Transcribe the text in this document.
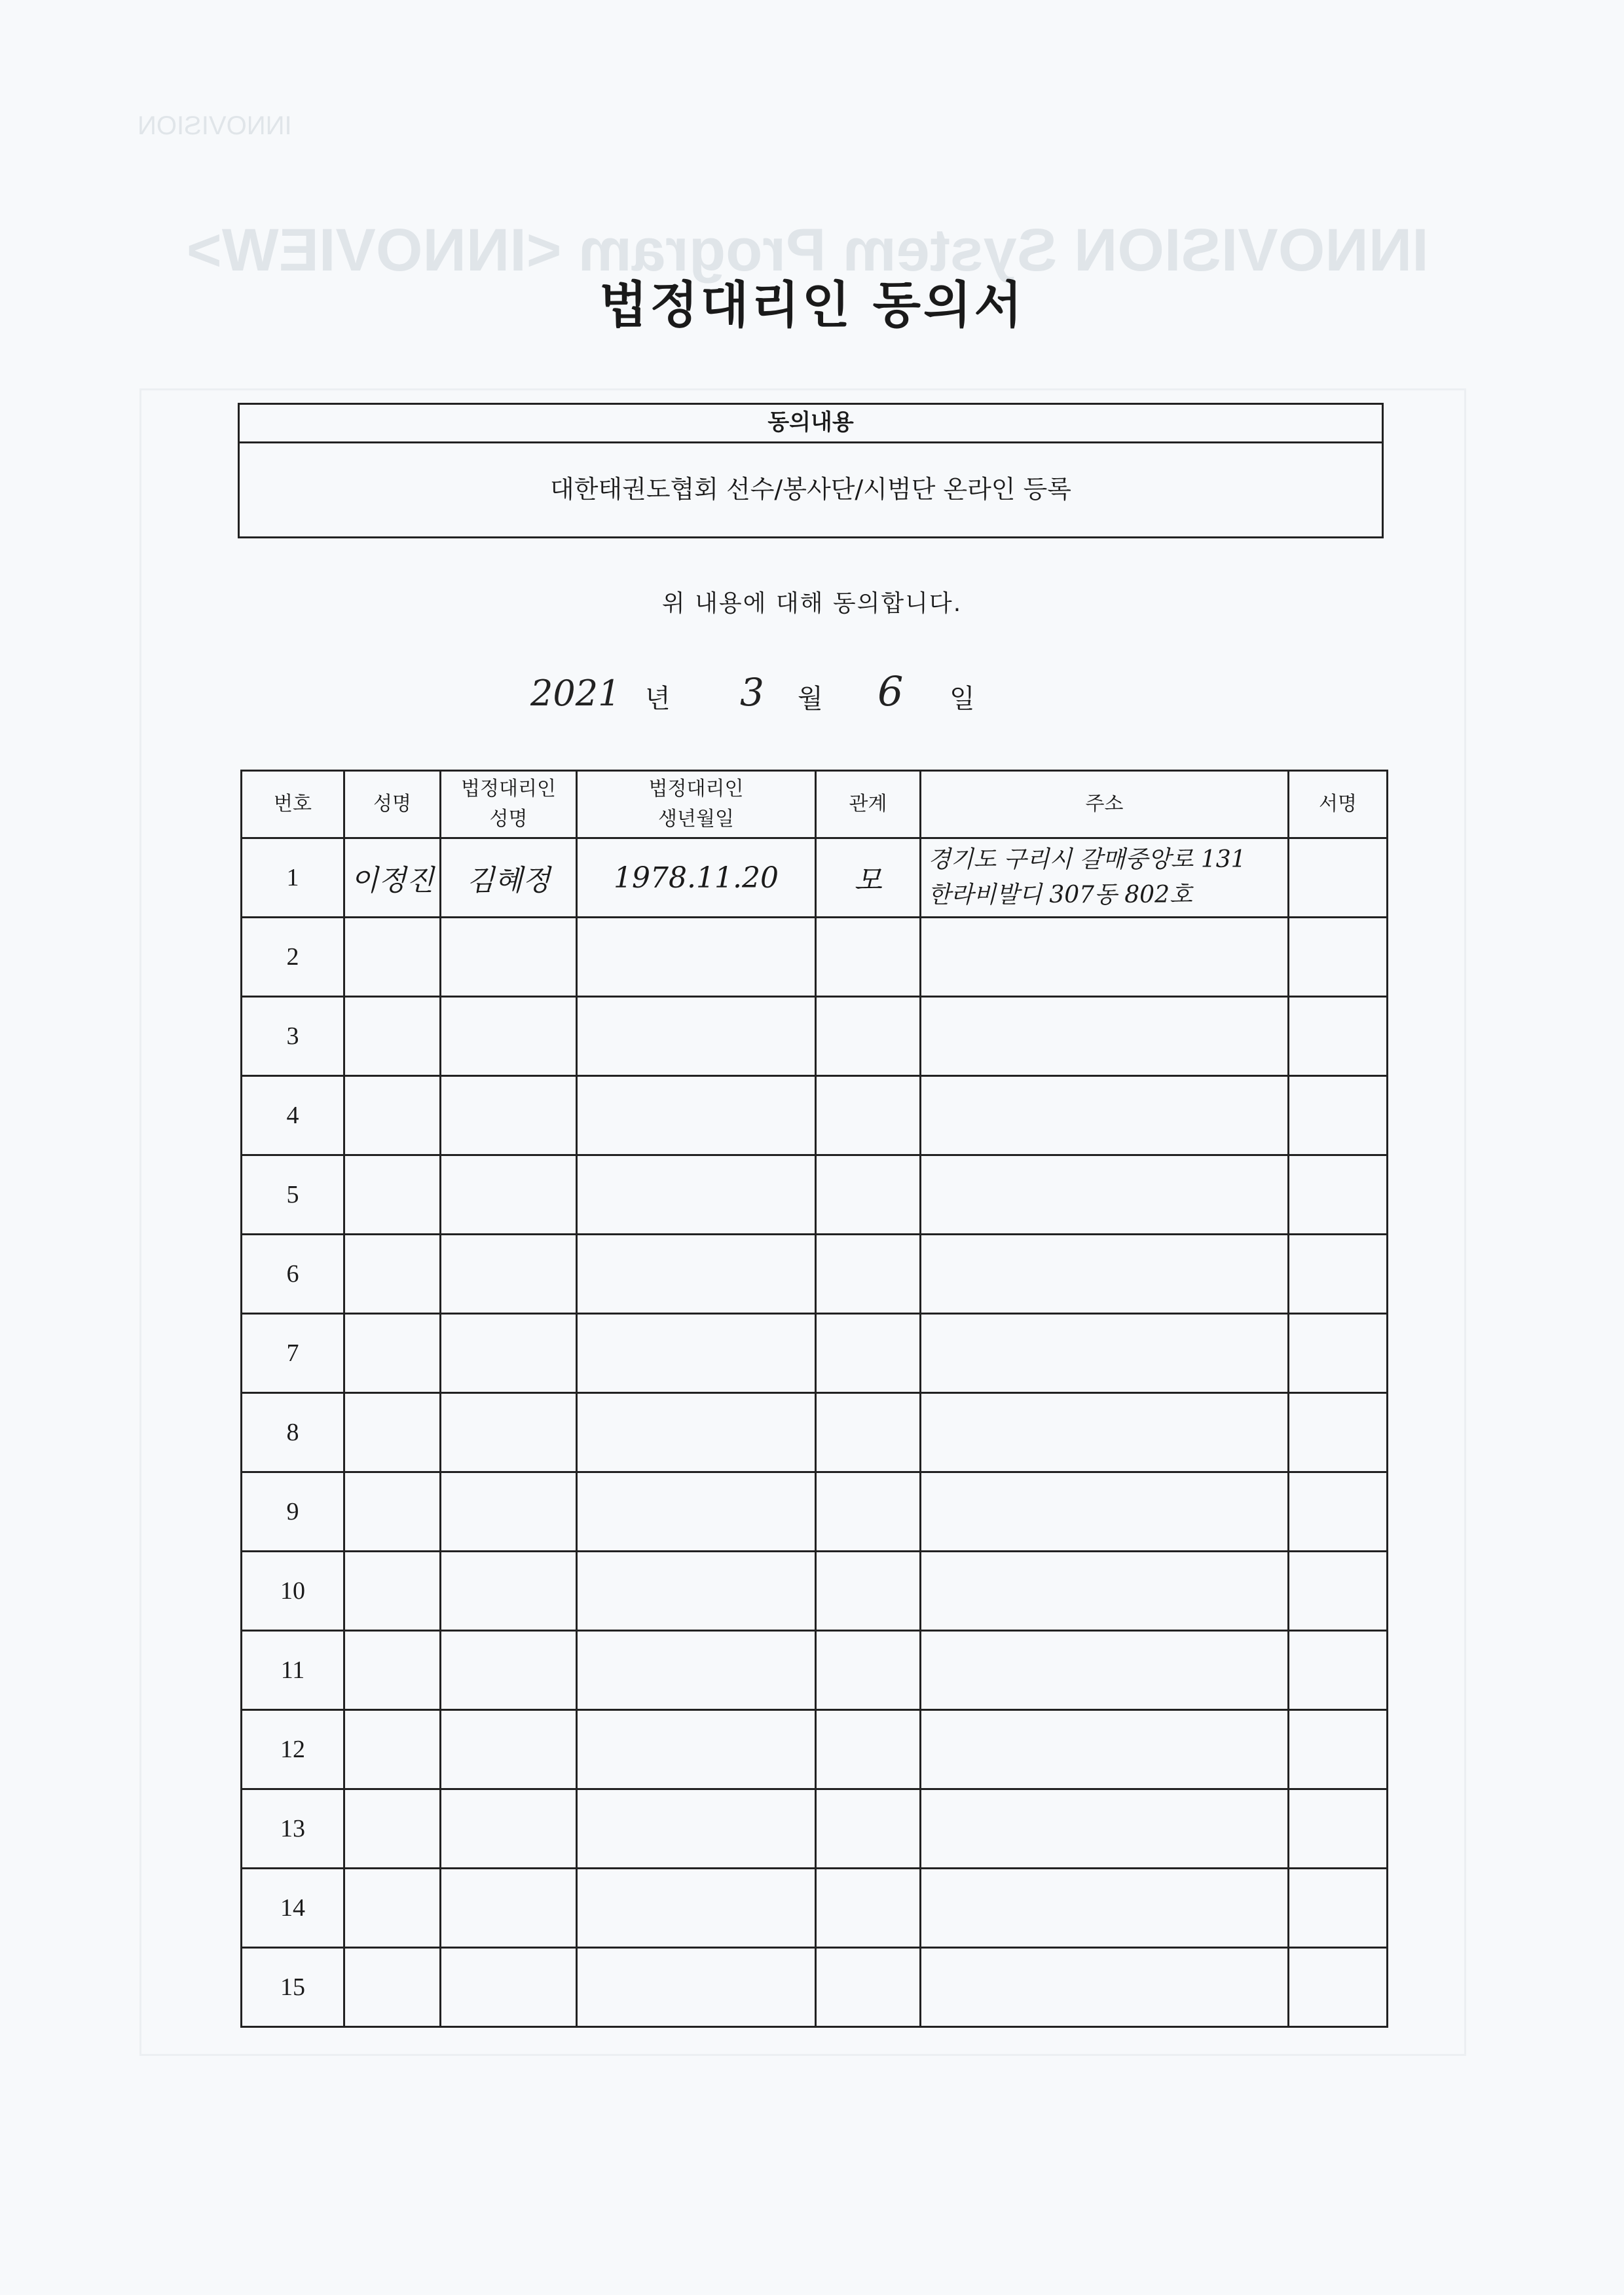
INNOVISION
INNOVISION System Program <INNOVIEW>
법정대리인 동의서
동의내용
대한태권도협회 선수/봉사단/시범단 온라인 등록
위 내용에 대해 동의합니다.
2021 년 3 월 6 일
번호	성명	법정대리인 성명	법정대리인 생년월일	관계	주소	서명
1	이정진	김혜정	1978.11.20	모	경기도 구리시 갈매중앙로 131
한라비발디 307동 802호	

2					

3					

4					

5					

6					

7					

8					

9					

10					

11					

12					

13					

14					

15					
